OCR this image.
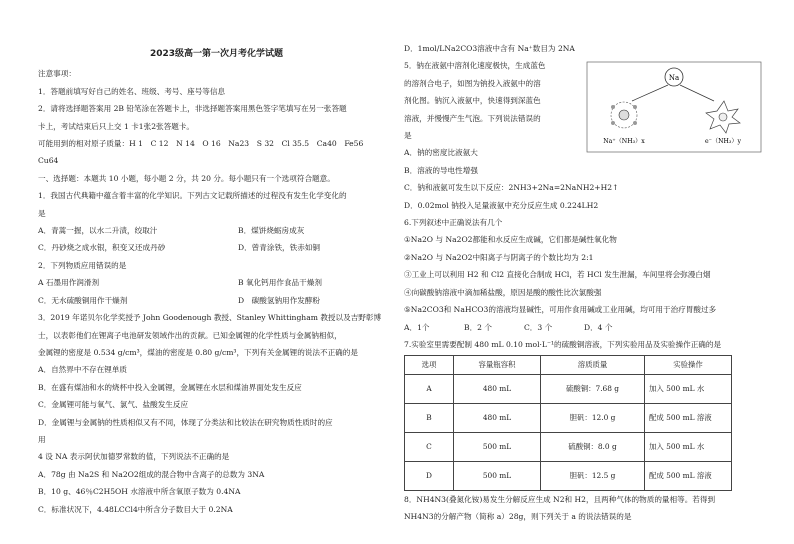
2023级高一第一次月考化学试题
注意事项：
1．答题前填写好自己的姓名、班级、考号、座号等信息
2．请将选择题答案用 2B 铅笔涂在答题卡上，非选择题答案用黑色签字笔填写在另一张答题
卡上，考试结束后只上交 1 卡1张2张答题卡。
可能用到的相对原子质量：H 1　C 12　N 14　O 16　Na23　S 32　Cl 35.5　Ca40　Fe56
Cu64
一、选择题：本题共 10 小题，每小题 2 分，共 20 分。每小题只有一个选项符合题意。
1．我国古代典籍中蕴含着丰富的化学知识。下列古文记载所描述的过程没有发生化学变化的
是
A．青蒿一握，以水二升渍，绞取汁	B．煤饼烧蛎房成灰
C．丹砂烧之成水银，积变又还成丹砂	D．曾青涂铁，铁赤如铜
2．下列物质应用错误的是
A 石墨用作润滑剂	B 氧化钙用作食品干燥剂
C．无水硫酸铜用作干燥剂	D　碳酸氢钠用作发酵粉
3．2019 年诺贝尔化学奖授予 John Goodenough 教授、Stanley Whittingham 教授以及吉野彰博
士，以表彰他们在锂离子电池研发领域作出的贡献。已知金属锂的化学性质与金属钠相似，
金属锂的密度是 0.534 g/cm³，煤油的密度是 0.80 g/cm³，下列有关金属锂的说法不正确的是
A．自然界中不存在锂单质
B．在盛有煤油和水的烧杯中投入金属锂，金属锂在水层和煤油界面处发生反应
C．金属锂可能与氧气、氯气、盐酸发生反应
D．金属锂与金属钠的性质相似又有不同，体现了分类法和比较法在研究物质性质时的应
用
4 设 NA 表示阿伏加德罗常数的值，下列说法不正确的是
A．78g 由 Na2S 和 Na2O2组成的混合物中含离子的总数为 3NA
B．10 g、46％C2H5OH 水溶液中所含氧原子数为 0.4NA
C．标准状况下，4.48LCCl4中所含分子数目大于 0.2NA
D．1mol/LNa2CO3溶液中含有 Na⁺数目为 2NA
5．钠在液氨中溶剂化速度极快，生成蓝色
的溶剂合电子，如图为钠投入液氨中的溶
剂化图。钠沉入液氨中，快速得到深蓝色
溶液，并慢慢产生气泡。下列说法错误的
是
Na
Na⁺（NH₃）x	e⁻（NH₃）y
A．钠的密度比液氨大
B．溶液的导电性增强
C．钠和液氨可发生以下反应：2NH3+2Na=2NaNH2+H2↑
D．0.02mol 钠投入足量液氨中充分反应生成 0.224LH2
6.下列叙述中正确说法有几个
①Na2O 与 Na2O2都能和水反应生成碱，它们都是碱性氧化物
②Na2O 与 Na2O2中阳离子与阴离子的个数比均为 2:1
③工业上可以利用 H2 和 Cl2 直接化合制成 HCl，若 HCl 发生泄漏，车间里将会弥漫白烟
④向碳酸钠溶液中滴加稀盐酸，原因是酸的酸性比次氯酸强
⑤Na2CO3和 NaHCO3的溶液均显碱性，可用作食用碱或工业用碱，均可用于治疗胃酸过多
A．1个	B．2 个	C．3 个	D．4 个
7.实验室里需要配制 480 mL 0.10 mol·L⁻¹的硫酸铜溶液，下列实验用品及实验操作正确的是
选项	容量瓶容积	溶质质量	实验操作
A	480 mL	硫酸铜：7.68 g	加入 500 mL 水
B	480 mL	胆矾：12.0 g	配成 500 mL 溶液
C	500 mL	硫酸铜：8.0 g	加入 500 mL 水
D	500 mL	胆矾：12.5 g	配成 500 mL 溶液
8．NH4N3(叠氮化铵)易发生分解反应生成 N2和 H2，且两种气体的物质的量相等。若得到
NH4N3的分解产物（简称 a）28g，则下列关于 a 的说法错误的是
